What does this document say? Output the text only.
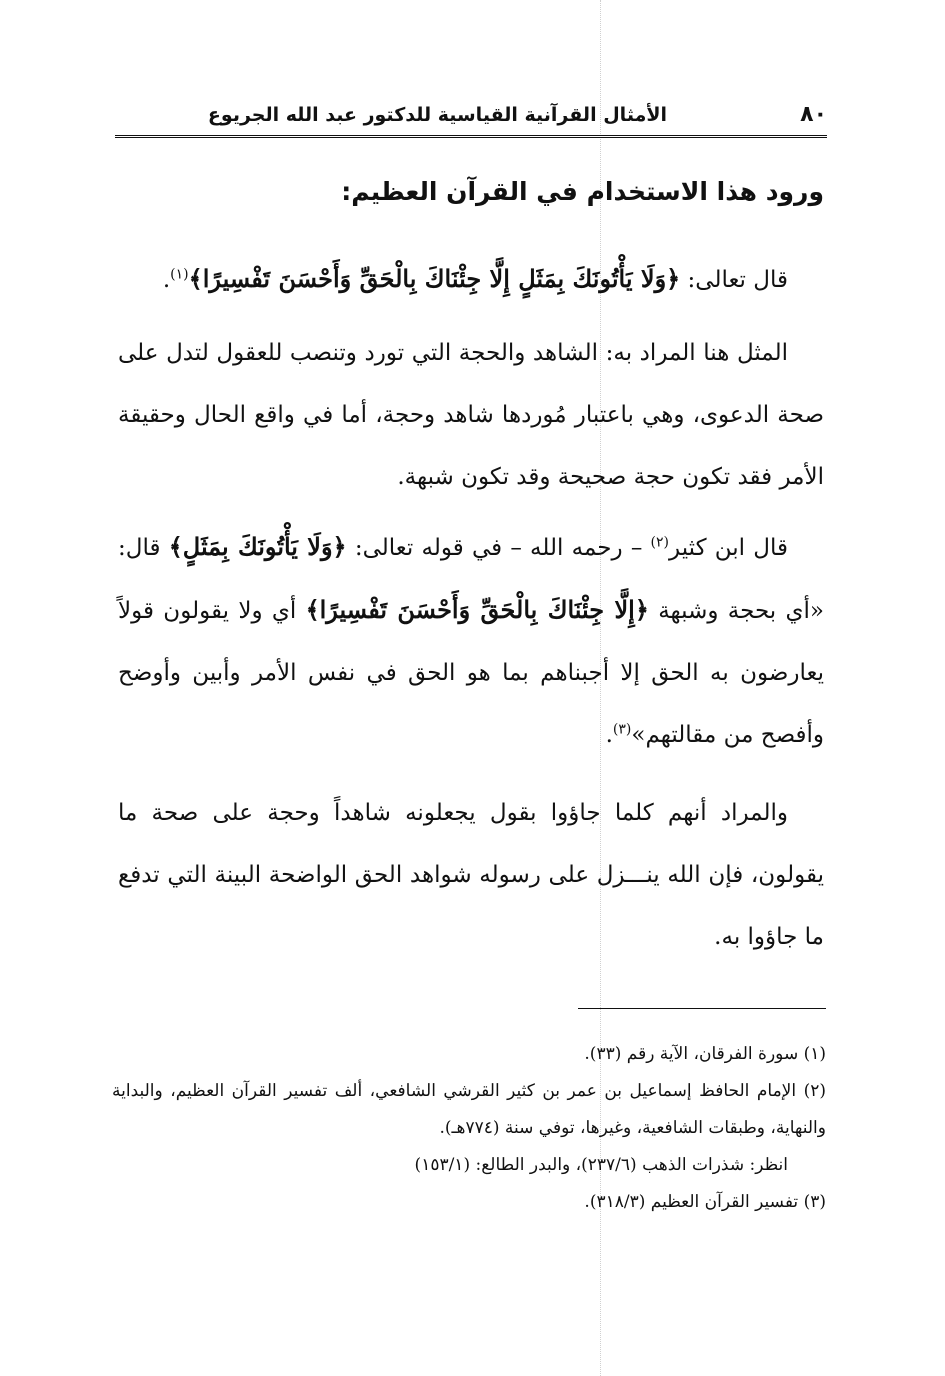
٨٠
الأمثال القرآنية القياسية للدكتور عبد الله الجريوع
ورود هذا الاستخدام في القرآن العظيم:
قال تعالى: ﴿وَلَا يَأْتُونَكَ بِمَثَلٍ إِلَّا جِئْنَاكَ بِالْحَقِّ وَأَحْسَنَ تَفْسِيرًا﴾$^{(١)}$.
المثل هنا المراد به: الشاهد والحجة التي تورد وتنصب للعقول لتدل على صحة الدعوى، وهي باعتبار مُوردها شاهد وحجة، أما في واقع الحال وحقيقة الأمر فقد تكون حجة صحيحة وقد تكون شبهة.
قال ابن كثير$^{(٢)}$ – رحمه الله – في قوله تعالى: ﴿وَلَا يَأْتُونَكَ بِمَثَلٍ﴾ قال: «أي بحجة وشبهة ﴿إِلَّا جِئْنَاكَ بِالْحَقِّ وَأَحْسَنَ تَفْسِيرًا﴾ أي ولا يقولون قولاً يعارضون به الحق إلا أجبناهم بما هو الحق في نفس الأمر وأبين وأوضح وأفصح من مقالتهم»$^{(٣)}$.
والمراد أنهم كلما جاؤوا بقول يجعلونه شاهداً وحجة على صحة ما يقولون، فإن الله ينـــزل على رسوله شواهد الحق الواضحة البينة التي تدفع ما جاؤوا به.

(١) سورة الفرقان، الآية رقم (٣٣).

(٢) الإمام الحافظ إسماعيل بن عمر بن كثير القرشي الشافعي، ألف تفسير القرآن العظيم، والبداية والنهاية، وطبقات الشافعية، وغيرها، توفي سنة (٧٧٤هـ).

انظر: شذرات الذهب (٢٣٧/٦)، والبدر الطالع: (١٥٣/١)

(٣) تفسير القرآن العظيم (٣١٨/٣).
